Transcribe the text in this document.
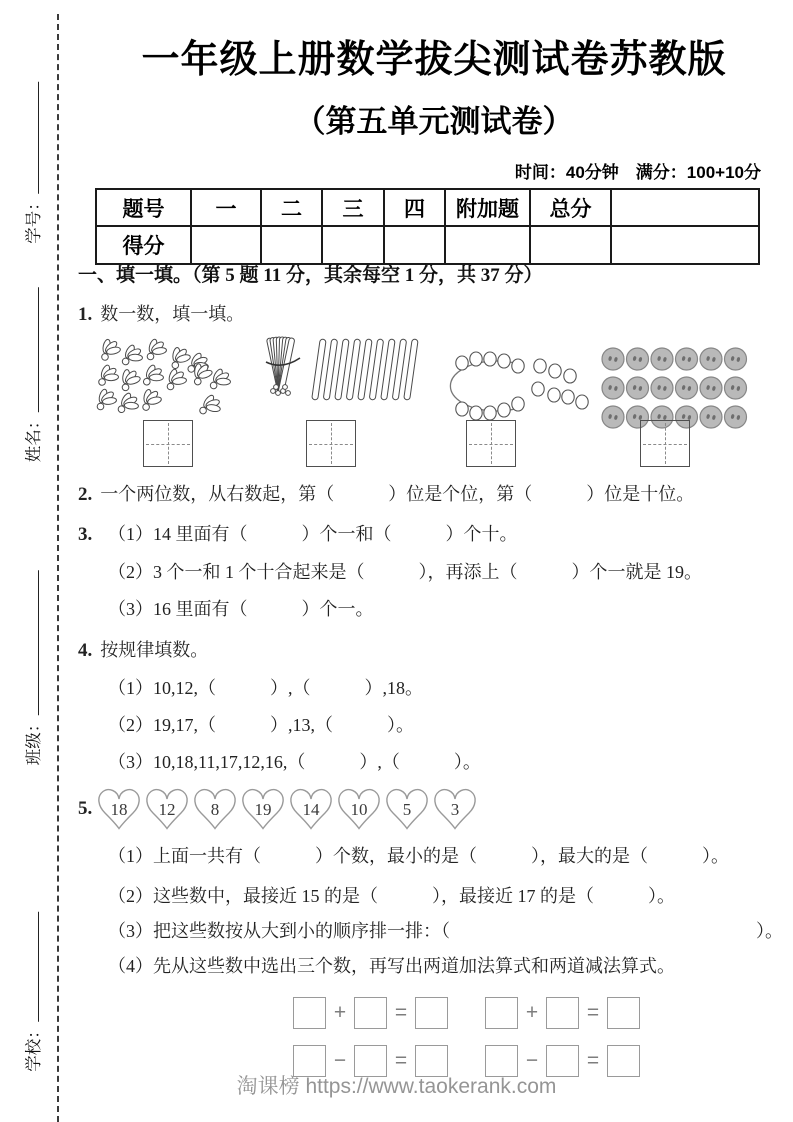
学号：
姓名：
班级：
学校：
一年级上册数学拔尖测试卷苏教版
（第五单元测试卷）
时间：40分钟　满分：100+10分
题号	一	二	三	四	附加题	总分	
得分							
一、填一填。（第 5 题 11 分，其余每空 1 分，共 37 分）
1. 数一数，填一填。
2. 一个两位数，从右数起，第（　　　）位是个位，第（　　　）位是十位。
3. （1）14 里面有（　　　）个一和（　　　）个十。
（2）3 个一和 1 个十合起来是（　　　），再添上（　　　）个一就是 19。
（3）16 里面有（　　　）个一。
4. 按规律填数。
（1）10,12,（　　　）,（　　　）,18。
（2）19,17,（　　　）,13,（　　　）。
（3）10,18,11,17,12,16,（　　　）,（　　　）。
5.	18 12 8 19 14 10 5 3
（1）上面一共有（　　　）个数，最小的是（　　　），最大的是（　　　）。
（2）这些数中，最接近 15 的是（　　　），最接近 17 的是（　　　）。
（3）把这些数按从大到小的顺序排一排：（　　　　　　　　　　　　　　　　　）。
（4）先从这些数中选出三个数，再写出两道加法算式和两道减法算式。
+ =	+ =
− =	− =
淘课榜 https://www.taokerank.com
